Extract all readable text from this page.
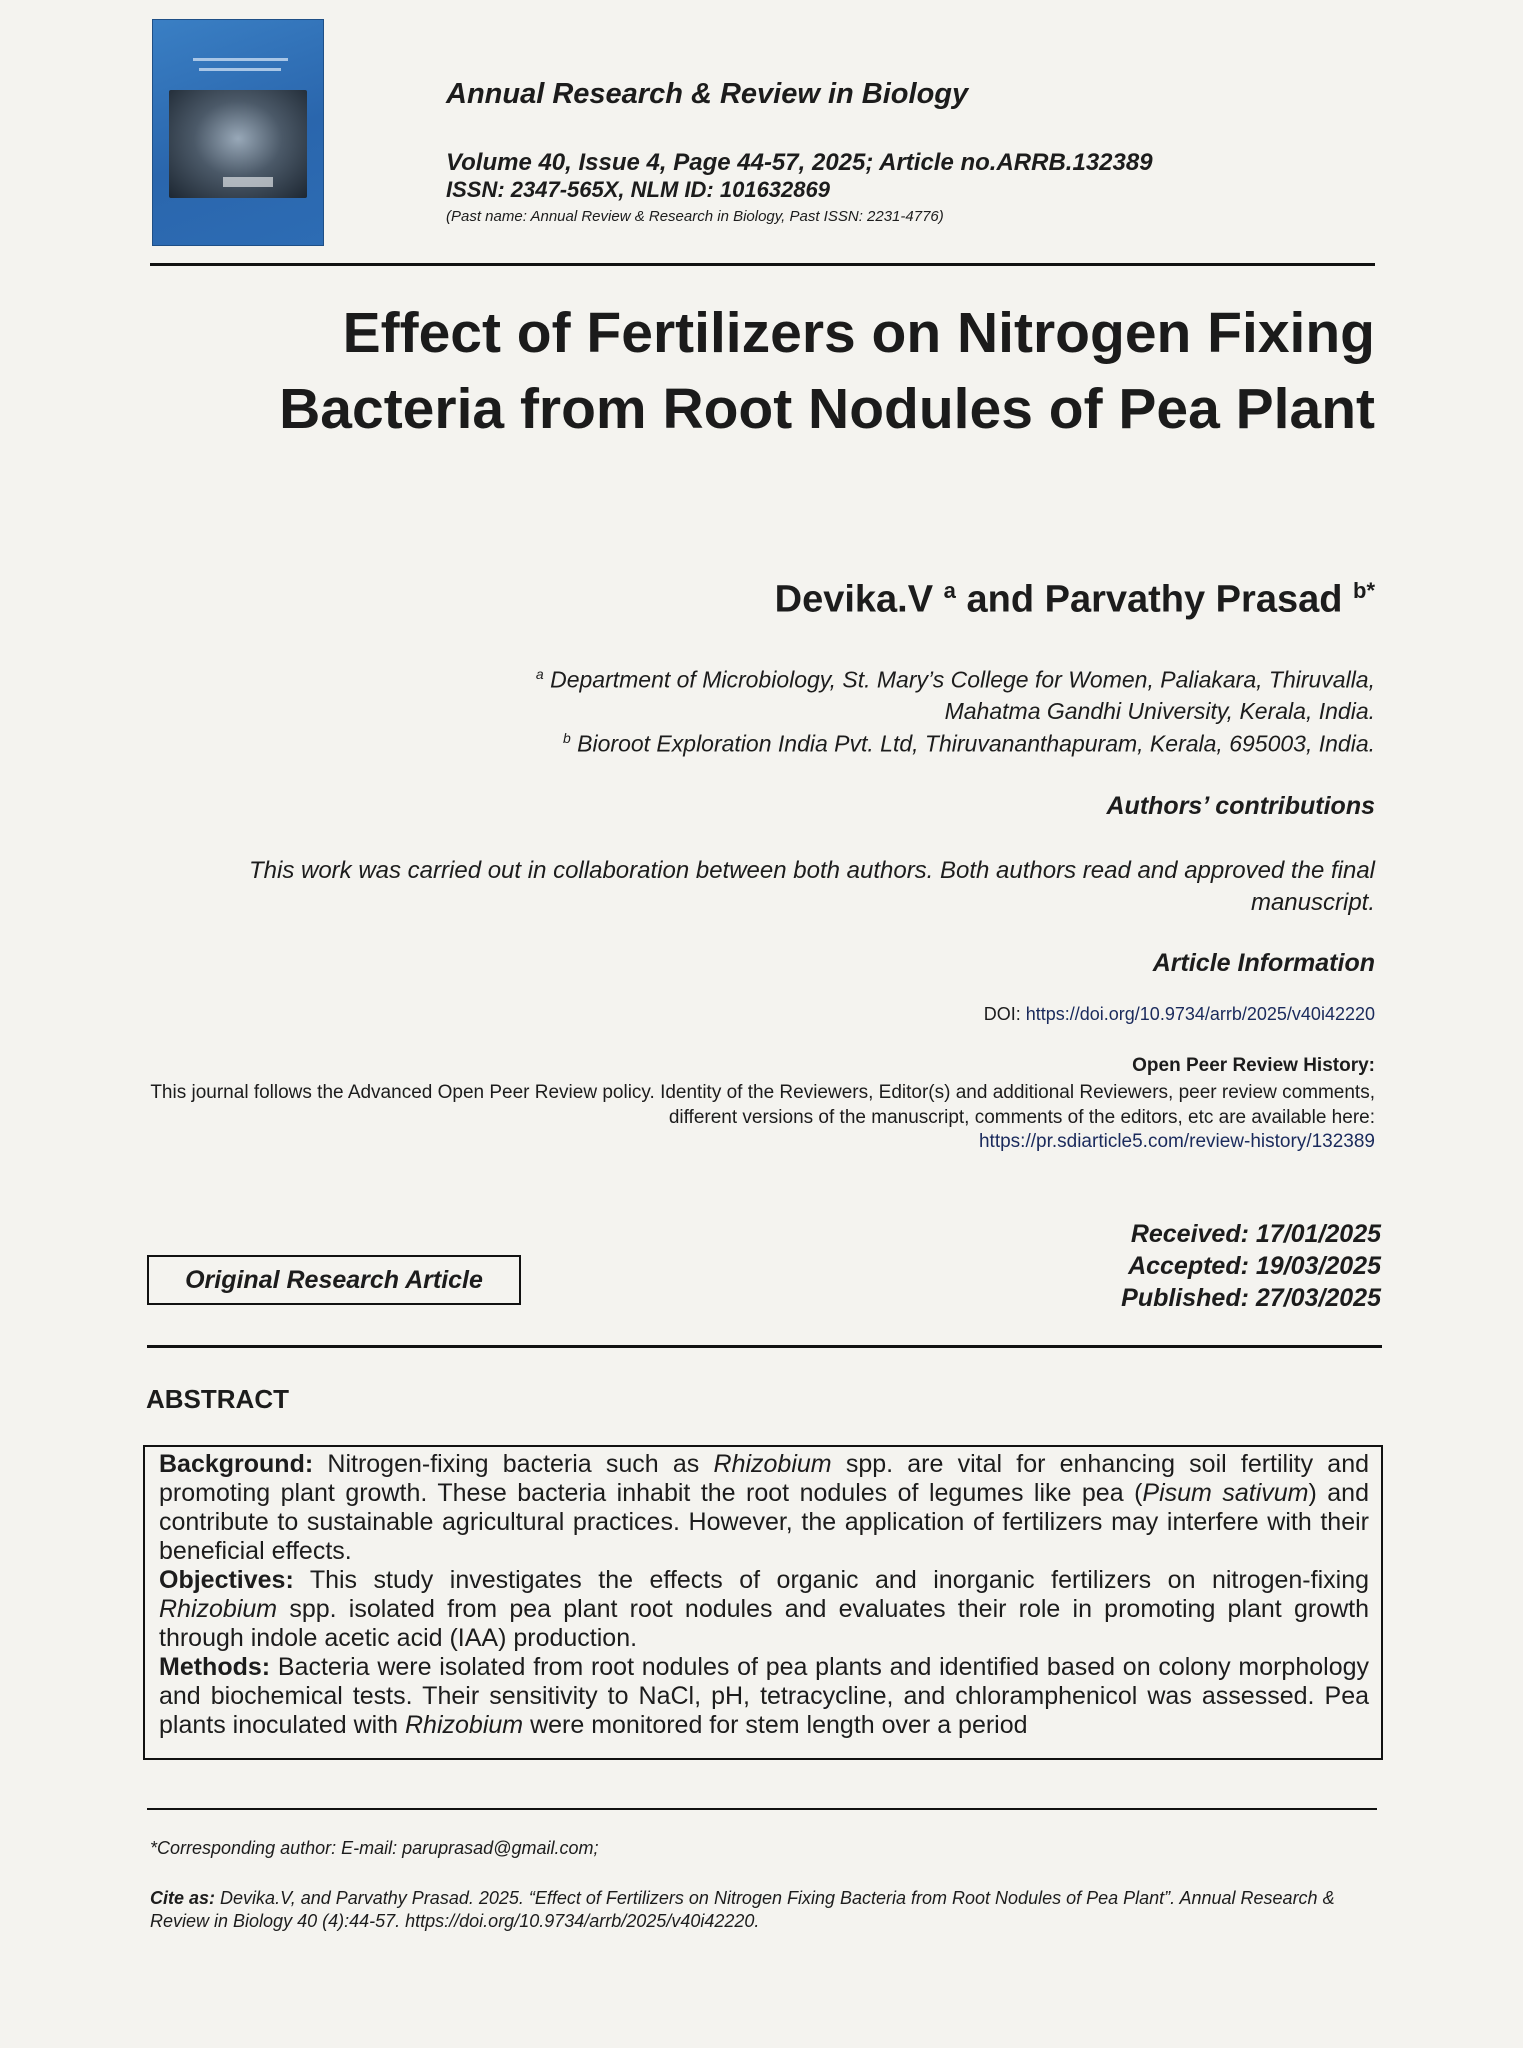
Annual Research & Review in Biology
Volume 40, Issue 4, Page 44-57, 2025; Article no.ARRB.132389
ISSN: 2347-565X, NLM ID: 101632869
(Past name: Annual Review & Research in Biology, Past ISSN: 2231-4776)
Effect of Fertilizers on Nitrogen Fixing Bacteria from Root Nodules of Pea Plant
Devika.V $^a$ and Parvathy Prasad $^{b*}$
$^a$ Department of Microbiology, St. Mary’s College for Women, Paliakara, Thiruvalla,
Mahatma Gandhi University, Kerala, India.
$^b$ Bioroot Exploration India Pvt. Ltd, Thiruvananthapuram, Kerala, 695003, India.
Authors’ contributions
This work was carried out in collaboration between both authors. Both authors read and approved the final manuscript.
Article Information
DOI: https://doi.org/10.9734/arrb/2025/v40i42220
Open Peer Review History:
This journal follows the Advanced Open Peer Review policy. Identity of the Reviewers, Editor(s) and additional Reviewers, peer review comments, different versions of the manuscript, comments of the editors, etc are available here:
https://pr.sdiarticle5.com/review-history/132389
Received: 17/01/2025
Accepted: 19/03/2025
Published: 27/03/2025
Original Research Article
ABSTRACT

Background: Nitrogen-fixing bacteria such as Rhizobium spp. are vital for enhancing soil fertility and promoting plant growth. These bacteria inhabit the root nodules of legumes like pea (Pisum sativum) and contribute to sustainable agricultural practices. However, the application of fertilizers may interfere with their beneficial effects.

Objectives: This study investigates the effects of organic and inorganic fertilizers on nitrogen-fixing Rhizobium spp. isolated from pea plant root nodules and evaluates their role in promoting plant growth through indole acetic acid (IAA) production.

Methods: Bacteria were isolated from root nodules of pea plants and identified based on colony morphology and biochemical tests. Their sensitivity to NaCl, pH, tetracycline, and chloramphenicol was assessed. Pea plants inoculated with Rhizobium were monitored for stem length over a period

*Corresponding author: E-mail: paruprasad@gmail.com;
Cite as: Devika.V, and Parvathy Prasad. 2025. “Effect of Fertilizers on Nitrogen Fixing Bacteria from Root Nodules of Pea Plant”. Annual Research & Review in Biology 40 (4):44-57. https://doi.org/10.9734/arrb/2025/v40i42220.
